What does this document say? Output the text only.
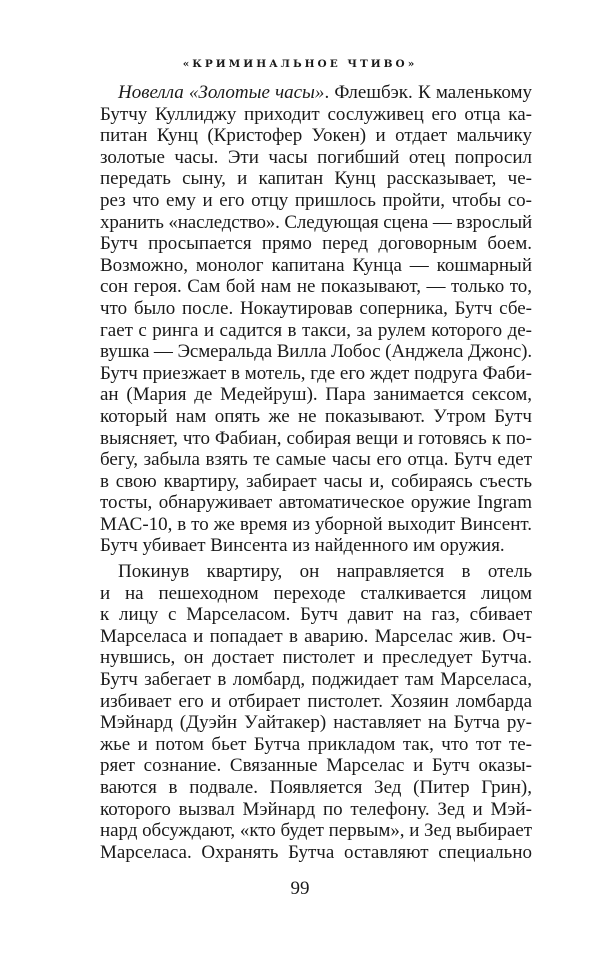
«КРИМИНАЛЬНОЕ ЧТИВО»
Новелла «Золотые часы». Флешбэк. К маленькому
Бутчу Куллиджу приходит сослуживец его отца ка-
питан Кунц (Кристофер Уокен) и отдает мальчику
золотые часы. Эти часы погибший отец попросил
передать сыну, и капитан Кунц рассказывает, че-
рез что ему и его отцу пришлось пройти, чтобы со-
хранить «наследство». Следующая сцена — взрослый
Бутч просыпается прямо перед договорным боем.
Возможно, монолог капитана Кунца — кошмарный
сон героя. Сам бой нам не показывают, — только то,
что было после. Нокаутировав соперника, Бутч сбе-
гает с ринга и садится в такси, за рулем которого де-
вушка — Эсмеральда Вилла Лобос (Анджела Джонс).
Бутч приезжает в мотель, где его ждет подруга Фаби-
ан (Мария де Медейруш). Пара занимается сексом,
который нам опять же не показывают. Утром Бутч
выясняет, что Фабиан, собирая вещи и готовясь к по-
бегу, забыла взять те самые часы его отца. Бутч едет
в свою квартиру, забирает часы и, собираясь съесть
тосты, обнаруживает автоматическое оружие Ingram
МАС-10, в то же время из уборной выходит Винсент.
Бутч убивает Винсента из найденного им оружия.
Покинув квартиру, он направляется в отель
и на пешеходном переходе сталкивается лицом
к лицу с Марселасом. Бутч давит на газ, сбивает
Марселаса и попадает в аварию. Марселас жив. Оч-
нувшись, он достает пистолет и преследует Бутча.
Бутч забегает в ломбард, поджидает там Марселаса,
избивает его и отбирает пистолет. Хозяин ломбарда
Мэйнард (Дуэйн Уайтакер) наставляет на Бутча ру-
жье и потом бьет Бутча прикладом так, что тот те-
ряет сознание. Связанные Марселас и Бутч оказы-
ваются в подвале. Появляется Зед (Питер Грин),
которого вызвал Мэйнард по телефону. Зед и Мэй-
нард обсуждают, «кто будет первым», и Зед выбирает
Марселаса. Охранять Бутча оставляют специально
99
